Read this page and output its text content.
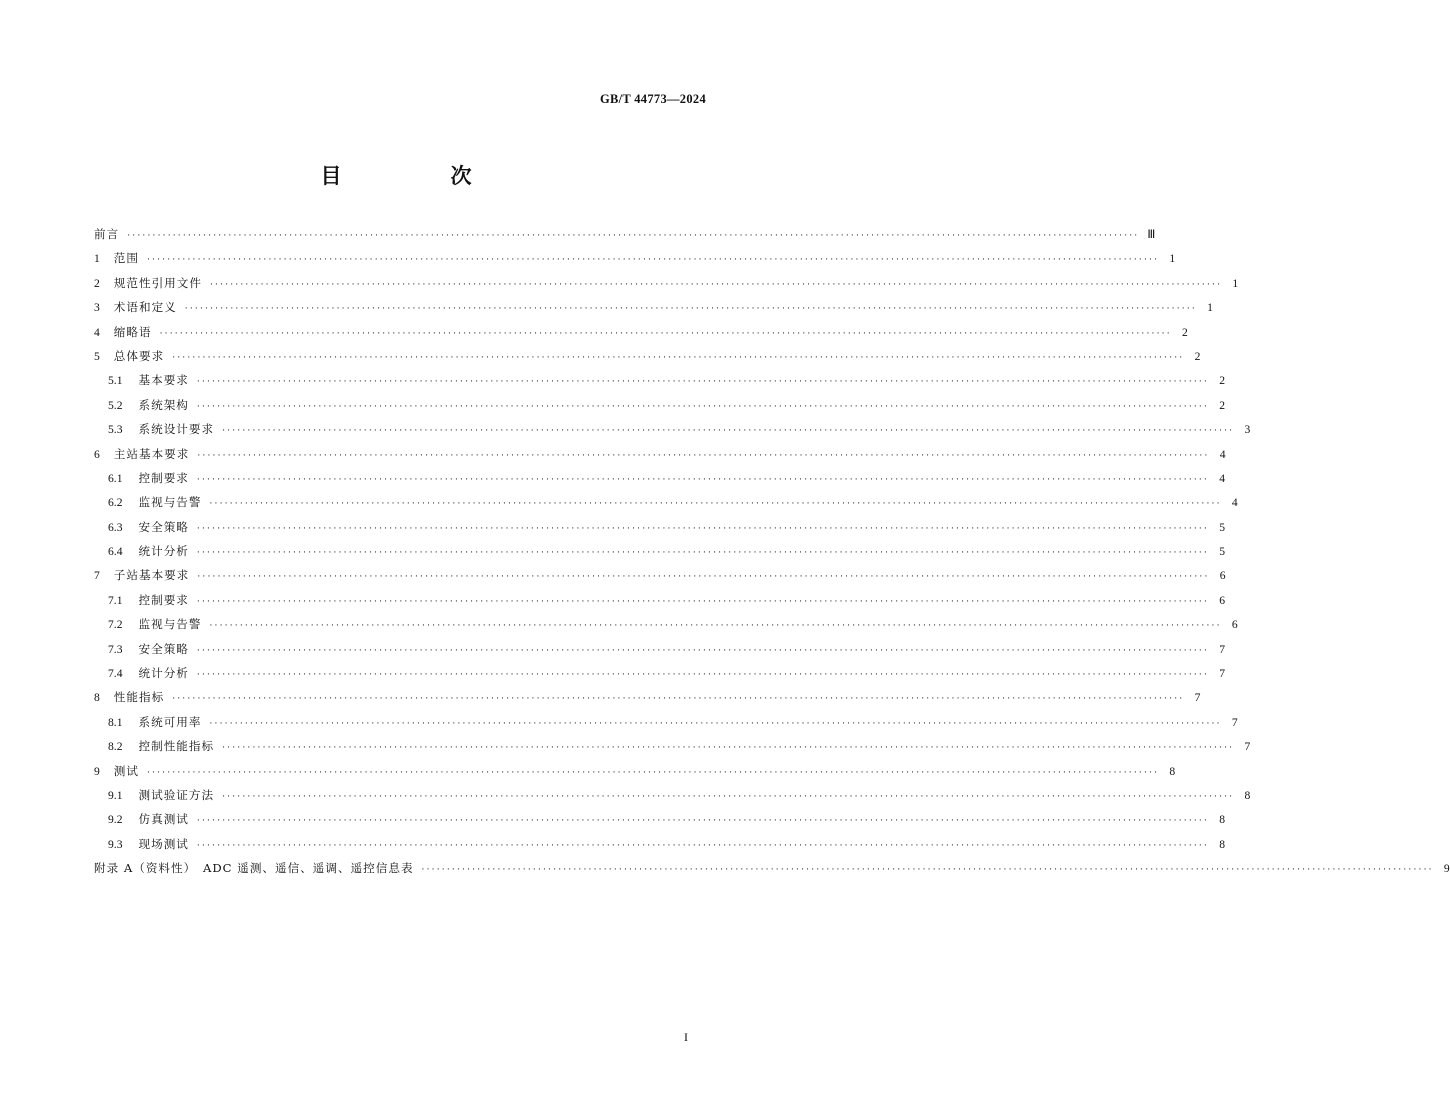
GB/T 44773—2024
目　次
前言 ········································································································································································································ Ⅲ
1 范围 ········································································································································································································ 1
2 规范性引用文件 ········································································································································································································ 1
3 术语和定义 ········································································································································································································ 1
4 缩略语 ········································································································································································································ 2
5 总体要求 ········································································································································································································ 2
5.1 基本要求 ········································································································································································································ 2
5.2 系统架构 ········································································································································································································ 2
5.3 系统设计要求 ········································································································································································································ 3
6 主站基本要求 ········································································································································································································ 4
6.1 控制要求 ········································································································································································································ 4
6.2 监视与告警 ········································································································································································································ 4
6.3 安全策略 ········································································································································································································ 5
6.4 统计分析 ········································································································································································································ 5
7 子站基本要求 ········································································································································································································ 6
7.1 控制要求 ········································································································································································································ 6
7.2 监视与告警 ········································································································································································································ 6
7.3 安全策略 ········································································································································································································ 7
7.4 统计分析 ········································································································································································································ 7
8 性能指标 ········································································································································································································ 7
8.1 系统可用率 ········································································································································································································ 7
8.2 控制性能指标 ········································································································································································································ 7
9 测试 ········································································································································································································ 8
9.1 测试验证方法 ········································································································································································································ 8
9.2 仿真测试 ········································································································································································································ 8
9.3 现场测试 ········································································································································································································ 8
附录 A（资料性）　ADC 遥测、遥信、遥调、遥控信息表 ········································································································································································································ 9
I
